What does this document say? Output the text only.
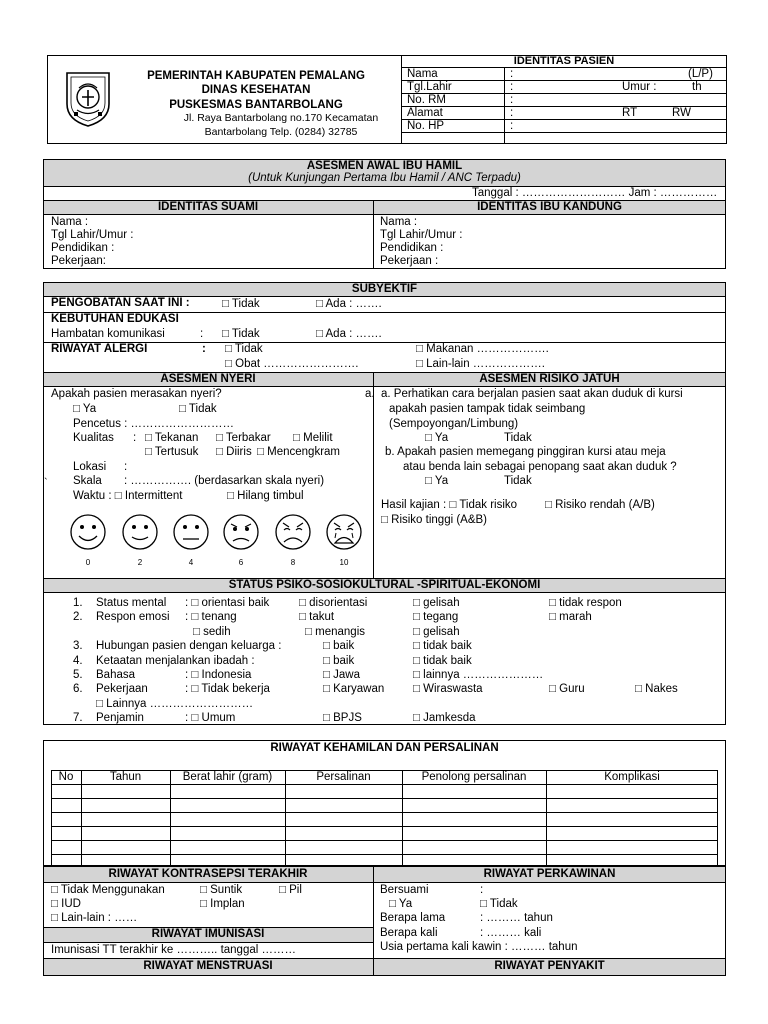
PEMERINTAH KABUPATEN PEMALANG
DINAS KESEHATAN
PUSKESMAS BANTARBOLANG
Jl. Raya Bantarbolang no.170 Kecamatan
Bantarbolang Telp. (0284) 32785
IDENTITAS PASIEN
Nama	:	(L/P)
Tgl.Lahir	:	Umur :	th
No. RM	:
Alamat	:	RT	RW
No. HP	:
ASESMEN AWAL IBU HAMIL
(Untuk Kunjungan Pertama Ibu Hamil / ANC Terpadu)
Tanggal : ……………………… Jam : ……………
IDENTITAS SUAMI	IDENTITAS IBU KANDUNG
Nama :
Tgl Lahir/Umur :
Pendidikan :
Pekerjaan:
Nama :
Tgl Lahir/Umur :
Pendidikan :
Pekerjaan :
SUBYEKTIF
PENGOBATAN SAAT INI :	□ Tidak	□ Ada : …….
KEBUTUHAN EDUKASI
Hambatan komunikasi	: □ Tidak	□ Ada : …….
RIWAYAT ALERGI	: □ Tidak	□ Makanan ……………….
□ Obat …………………….	□ Lain-lain ……………….
ASESMEN NYERI
Apakah pasien merasakan nyeri?	a.
□ Ya	□ Tidak
Pencetus : ………………………
Kualitas : □ Tekanan □ Terbakar □ Melilit
□ Tertusuk □ Diiris □ Mencengkram
Lokasi :
Skala : ……………. (berdasarkan skala nyeri)
Waktu : □ Intermittent	□ Hilang timbul
`
0	2	4	6	8	10
ASESMEN RISIKO JATUH
a. Perhatikan cara berjalan pasien saat akan duduk di kursi
apakah pasien tampak tidak seimbang
(Sempoyongan/Limbung)
□ Ya	Tidak
b. Apakah pasien memegang pinggiran kursi atau meja
atau benda lain sebagai penopang saat akan duduk ?
□ Ya	Tidak
Hasil kajian : □ Tidak risiko □ Risiko rendah (A/B)
□ Risiko tinggi (A&B)
STATUS PSIKO-SOSIOKULTURAL -SPIRITUAL-EKONOMI
1. Status mental : □ orientasi baik	□ disorientasi	□ gelisah	□ tidak respon
2. Respon emosi : □ tenang	□ takut	□ tegang	□ marah
□ sedih	□ menangis	□ gelisah
3. Hubungan pasien dengan keluarga :	□ baik	□ tidak baik
4. Ketaatan menjalankan ibadah :	□ baik	□ tidak baik
5. Bahasa	: □ Indonesia	□ Jawa	□ lainnya …………………
6. Pekerjaan	: □ Tidak bekerja	□ Karyawan □ Wiraswasta	□ Guru	□ Nakes
□ Lainnya ………………………
7. Penjamin	: □ Umum	□ BPJS	□ Jamkesda
RIWAYAT KEHAMILAN DAN PERSALINAN
No	Tahun	Berat lahir (gram)	Persalinan	Penolong persalinan	Komplikasi
RIWAYAT KONTRASEPSI TERAKHIR	RIWAYAT PERKAWINAN
□ Tidak Menggunakan	□ Suntik	□ Pil
□ IUD	□ Implan
□ Lain-lain : ……
RIWAYAT IMUNISASI
Imunisasi TT terakhir ke ……….. tanggal ………
RIWAYAT MENSTRUASI
Bersuami	:
□ Ya	□ Tidak
Berapa lama	: ……… tahun
Berapa kali	: ……… kali
Usia pertama kali kawin : ……… tahun
RIWAYAT PENYAKIT
